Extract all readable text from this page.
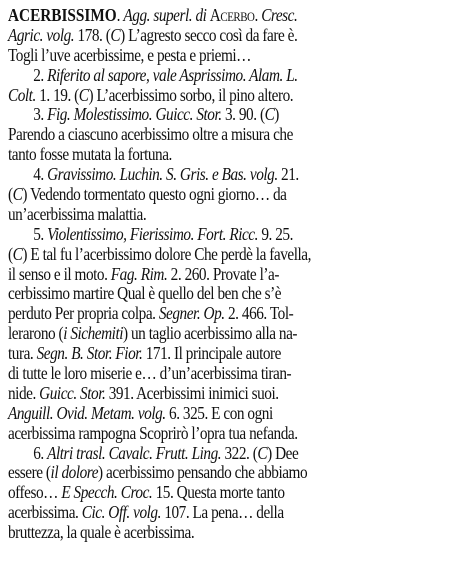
ACERBISSIMO. Agg. superl. di Acerbo. Cresc.
Agric. volg. 178. (C) L’agresto secco così da fare è.
Togli l’uve acerbissime, e pesta e priemi…
2. Riferito al sapore, vale Asprissimo. Alam. L.
Colt. 1. 19. (C) L’acerbissimo sorbo, il pino altero.
3. Fig. Molestissimo. Guicc. Stor. 3. 90. (C)
Parendo a ciascuno acerbissimo oltre a misura che
tanto fosse mutata la fortuna.
4. Gravissimo. Luchin. S. Gris. e Bas. volg. 21.
(C) Vedendo tormentato questo ogni giorno… da
un’acerbissima malattia.
5. Violentissimo, Fierissimo. Fort. Ricc. 9. 25.
(C) E tal fu l’acerbissimo dolore Che perdè la favella,
il senso e il moto. Fag. Rim. 2. 260. Provate l’a-
cerbissimo martire Qual è quello del ben che s’è
perduto Per propria colpa. Segner. Op. 2. 466. Tol-
lerarono (i Sichemiti) un taglio acerbissimo alla na-
tura. Segn. B. Stor. Fior. 171. Il principale autore
di tutte le loro miserie e… d’un’acerbissima tiran-
nide. Guicc. Stor. 391. Acerbissimi inimici suoi.
Anguill. Ovid. Metam. volg. 6. 325. E con ogni
acerbissima rampogna Scoprirò l’opra tua nefanda.
6. Altri trasl. Cavalc. Frutt. Ling. 322. (C) Dee
essere (il dolore) acerbissimo pensando che abbiamo
offeso… E Specch. Croc. 15. Questa morte tanto
acerbissima. Cic. Off. volg. 107. La pena… della
bruttezza, la quale è acerbissima.
